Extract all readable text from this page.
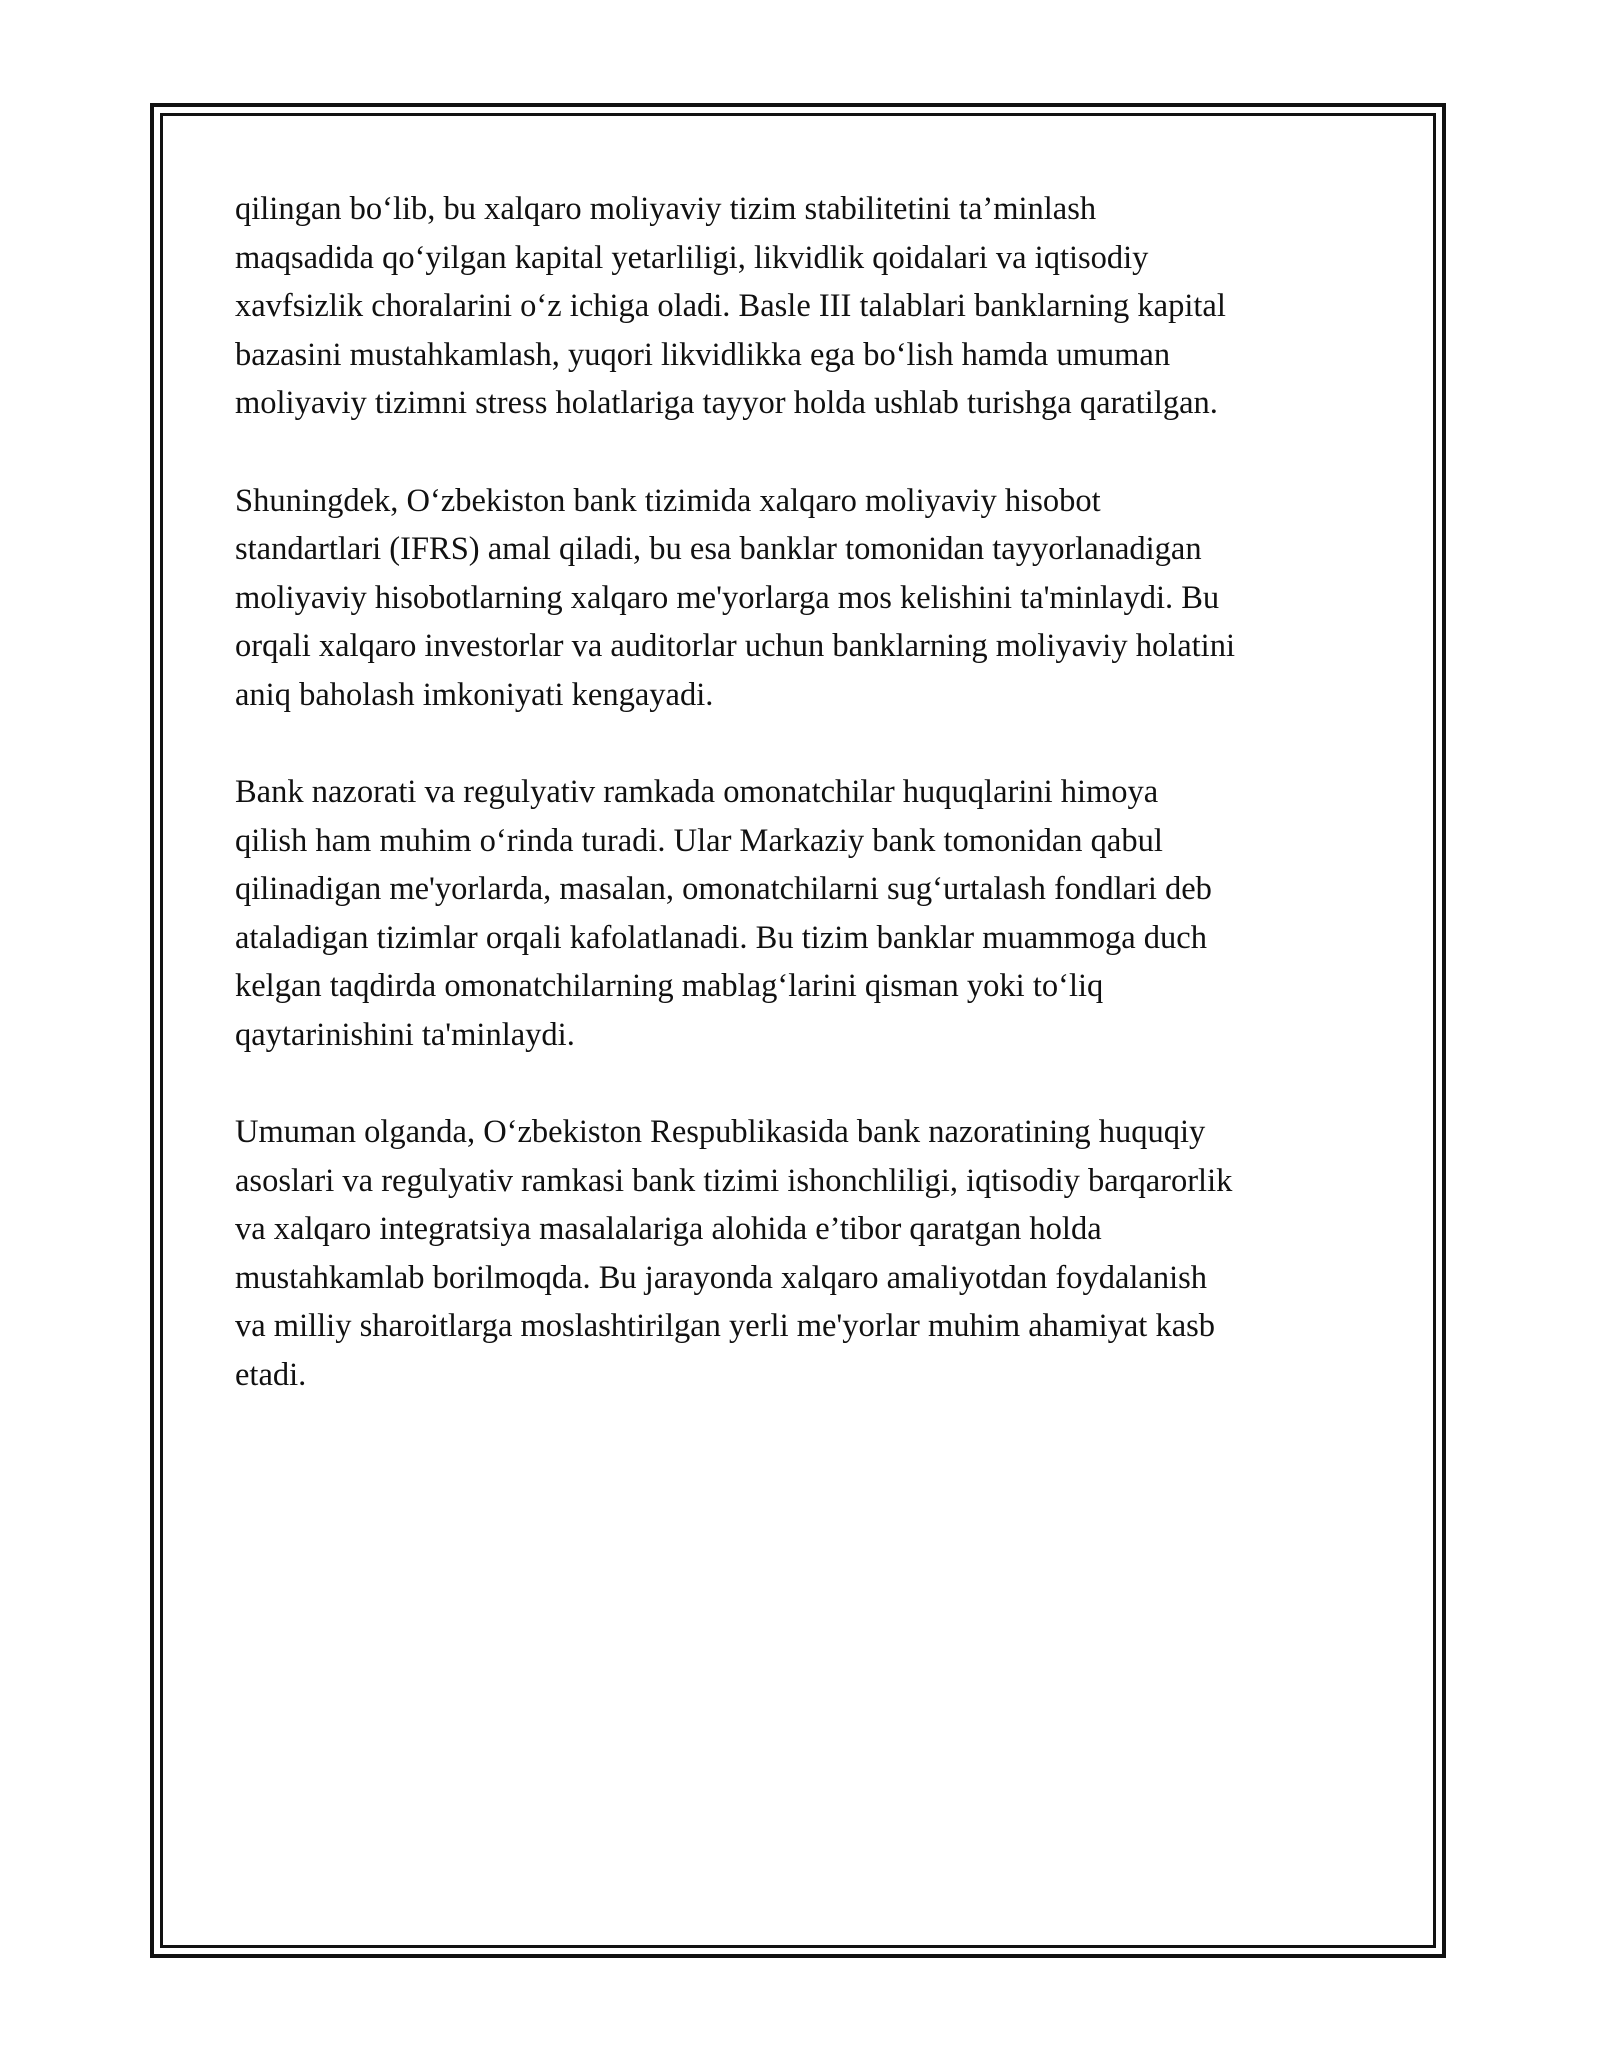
qilingan bo‘lib, bu xalqaro moliyaviy tizim stabilitetini ta’minlash
maqsadida qo‘yilgan kapital yetarliligi, likvidlik qoidalari va iqtisodiy
xavfsizlik choralarini o‘z ichiga oladi. Basle III talablari banklarning kapital
bazasini mustahkamlash, yuqori likvidlikka ega bo‘lish hamda umuman
moliyaviy tizimni stress holatlariga tayyor holda ushlab turishga qaratilgan.

Shuningdek, O‘zbekiston bank tizimida xalqaro moliyaviy hisobot
standartlari (IFRS) amal qiladi, bu esa banklar tomonidan tayyorlanadigan
moliyaviy hisobotlarning xalqaro me'yorlarga mos kelishini ta'minlaydi. Bu
orqali xalqaro investorlar va auditorlar uchun banklarning moliyaviy holatini
aniq baholash imkoniyati kengayadi.

Bank nazorati va regulyativ ramkada omonatchilar huquqlarini himoya
qilish ham muhim o‘rinda turadi. Ular Markaziy bank tomonidan qabul
qilinadigan me'yorlarda, masalan, omonatchilarni sug‘urtalash fondlari deb
ataladigan tizimlar orqali kafolatlanadi. Bu tizim banklar muammoga duch
kelgan taqdirda omonatchilarning mablag‘larini qisman yoki to‘liq
qaytarinishini ta'minlaydi.

Umuman olganda, O‘zbekiston Respublikasida bank nazoratining huquqiy
asoslari va regulyativ ramkasi bank tizimi ishonchliligi, iqtisodiy barqarorlik
va xalqaro integratsiya masalalariga alohida e’tibor qaratgan holda
mustahkamlab borilmoqda. Bu jarayonda xalqaro amaliyotdan foydalanish
va milliy sharoitlarga moslashtirilgan yerli me'yorlar muhim ahamiyat kasb
etadi.
